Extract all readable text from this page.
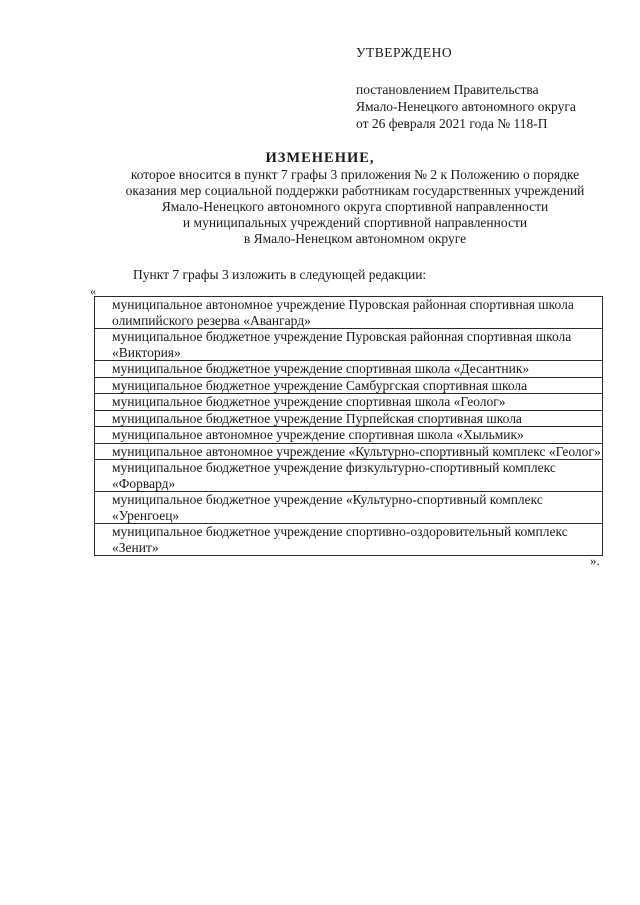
УТВЕРЖДЕНО
постановлением Правительства
Ямало-Ненецкого автономного округа
от 26 февраля 2021 года № 118-П
ИЗМЕНЕНИЕ,
которое вносится в пункт 7 графы 3 приложения № 2 к Положению о порядке
оказания мер социальной поддержки работникам государственных учреждений
Ямало-Ненецкого автономного округа спортивной направленности
и муниципальных учреждений спортивной направленности
в Ямало-Ненецком автономном округе
Пункт 7 графы 3 изложить в следующей редакции:
«
муниципальное автономное учреждение Пуровская районная спортивная школа олимпийского резерва «Авангард»
муниципальное бюджетное учреждение Пуровская районная спортивная школа «Виктория»
муниципальное бюджетное учреждение спортивная школа «Десантник»
муниципальное бюджетное учреждение Самбургская спортивная школа
муниципальное бюджетное учреждение спортивная школа «Геолог»
муниципальное бюджетное учреждение Пурпейская спортивная школа
муниципальное автономное учреждение спортивная школа «Хыльмик»
муниципальное автономное учреждение «Культурно-спортивный комплекс «Геолог»
муниципальное бюджетное учреждение физкультурно-спортивный комплекс «Форвард»
муниципальное бюджетное учреждение «Культурно-спортивный комплекс «Уренгоец»
муниципальное бюджетное учреждение спортивно-оздоровительный комплекс «Зенит»
».
